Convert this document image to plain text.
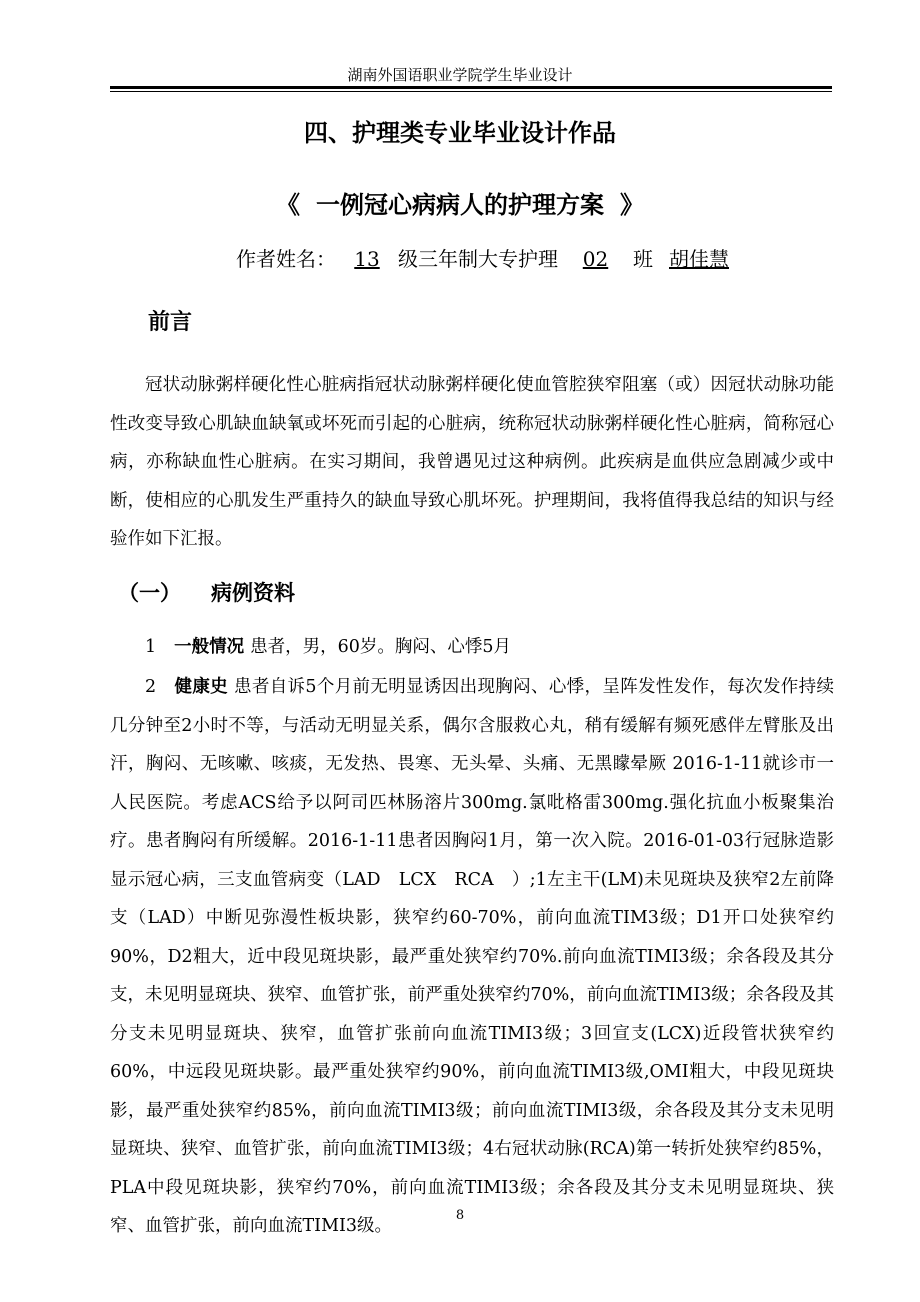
湖南外国语职业学院学生毕业设计
四、护理类专业毕业设计作品
《 一例冠心病病人的护理方案 》
作者姓名： 13 级三年制大专护理 02 班 胡佳慧
前言
冠状动脉粥样硬化性心脏病指冠状动脉粥样硬化使血管腔狭窄阻塞（或）因冠状动脉功能性改变导致心肌缺血缺氧或坏死而引起的心脏病，统称冠状动脉粥样硬化性心脏病，简称冠心病，亦称缺血性心脏病。在实习期间，我曾遇见过这种病例。此疾病是血供应急剧减少或中断，使相应的心肌发生严重持久的缺血导致心肌坏死。护理期间，我将值得我总结的知识与经验作如下汇报。
（一） 病例资料
1 一般情况 患者，男，60岁。胸闷、心悸5月
2 健康史 患者自诉5个月前无明显诱因出现胸闷、心悸，呈阵发性发作，每次发作持续几分钟至2小时不等，与活动无明显关系，偶尔含服救心丸，稍有缓解有频死感伴左臂胀及出汗，胸闷、无咳嗽、咳痰，无发热、畏寒、无头晕、头痛、无黑矇晕厥 2016-1-11就诊市一人民医院。考虑ACS给予以阿司匹林肠溶片300mg.氯吡格雷300mg.强化抗血小板聚集治疗。患者胸闷有所缓解。2016-1-11患者因胸闷1月，第一次入院。2016-01-03行冠脉造影显示冠心病，三支血管病变（LAD　LCX　RCA　）;1左主干(LM)未见斑块及狭窄2左前降支（LAD）中断见弥漫性板块影，狭窄约60-70%，前向血流TIM3级；D1开口处狭窄约90%，D2粗大，近中段见斑块影，最严重处狭窄约70%.前向血流TIMI3级；余各段及其分支，未见明显斑块、狭窄、血管扩张，前严重处狭窄约70%，前向血流TIMI3级；余各段及其分支未见明显斑块、狭窄，血管扩张前向血流TIMI3级；3回宣支(LCX)近段管状狭窄约60%，中远段见斑块影。最严重处狭窄约90%，前向血流TIMI3级,OMI粗大，中段见斑块影，最严重处狭窄约85%，前向血流TIMI3级；前向血流TIMI3级，余各段及其分支未见明显斑块、狭窄、血管扩张，前向血流TIMI3级；4右冠状动脉(RCA)第一转折处狭窄约85%，PLA中段见斑块影，狭窄约70%，前向血流TIMI3级；余各段及其分支未见明显斑块、狭窄、血管扩张，前向血流TIMI3级。
8
